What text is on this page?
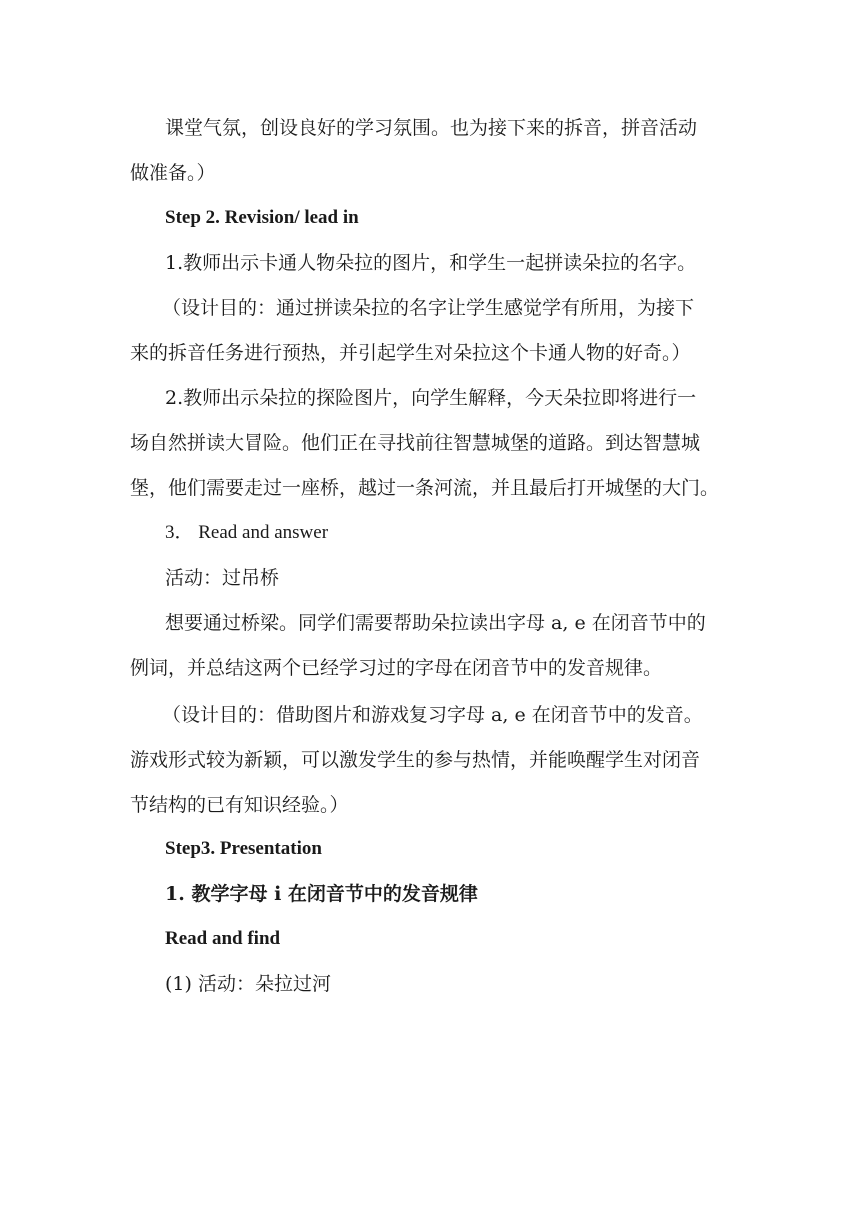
课堂气氛，创设良好的学习氛围。也为接下来的拆音，拼音活动
做准备。）
Step 2. Revision/ lead in
1.教师出示卡通人物朵拉的图片，和学生一起拼读朵拉的名字。
（设计目的：通过拼读朵拉的名字让学生感觉学有所用，为接下
来的拆音任务进行预热，并引起学生对朵拉这个卡通人物的好奇。）
2.教师出示朵拉的探险图片，向学生解释，今天朵拉即将进行一
场自然拼读大冒险。他们正在寻找前往智慧城堡的道路。到达智慧城
堡，他们需要走过一座桥，越过一条河流，并且最后打开城堡的大门。
3． Read and answer
活动：过吊桥
想要通过桥梁。同学们需要帮助朵拉读出字母 a, e 在闭音节中的
例词，并总结这两个已经学习过的字母在闭音节中的发音规律。
（设计目的：借助图片和游戏复习字母 a, e 在闭音节中的发音。
游戏形式较为新颖，可以激发学生的参与热情，并能唤醒学生对闭音
节结构的已有知识经验。）
Step3. Presentation
1. 教学字母 i 在闭音节中的发音规律
Read and find
(1) 活动：朵拉过河
